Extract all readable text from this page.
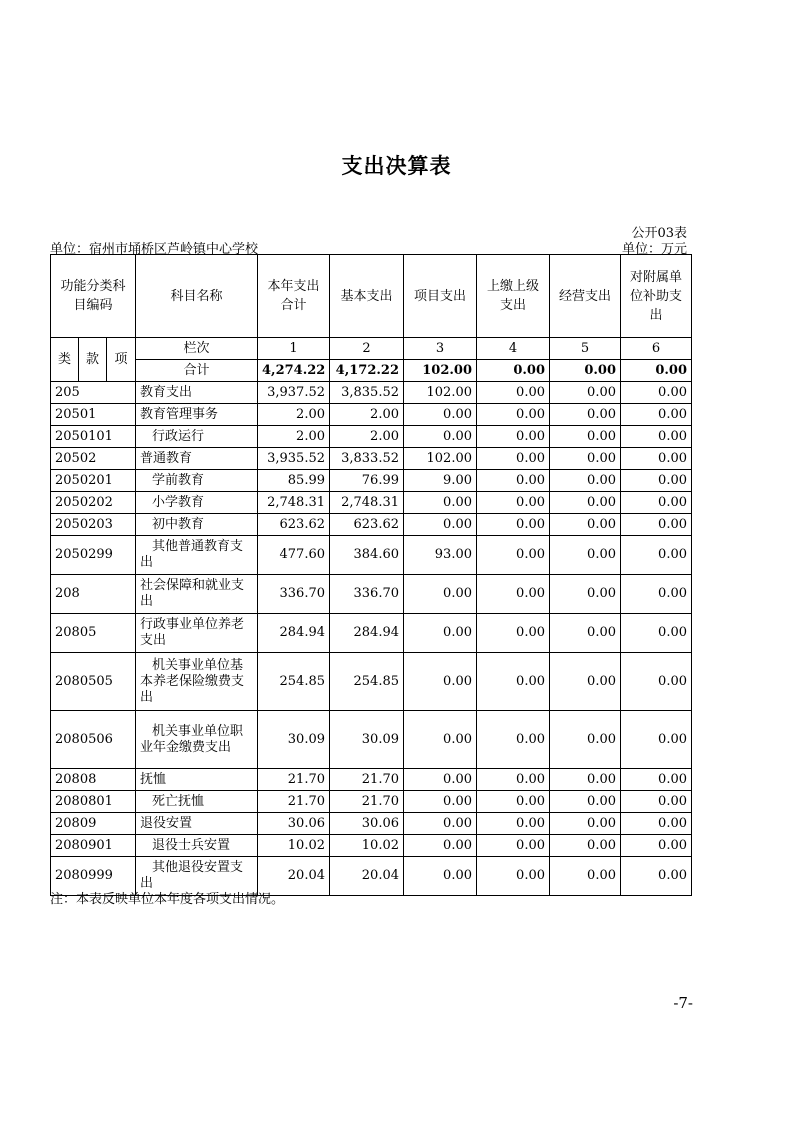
支出决算表
公开03表
单位：宿州市埇桥区芦岭镇中心学校	单位：万元
功能分类科目编码			科目名称	本年支出合计	基本支出	项目支出	上缴上级支出	经营支出	对附属单位补助支出
类	款	项	栏次	1	2	3	4	5	6
			合计	4,274.22	4,172.22	102.00	0.00	0.00	0.00
205			教育支出	3,937.52	3,835.52	102.00	0.00	0.00	0.00
20501			教育管理事务	2.00	2.00	0.00	0.00	0.00	0.00
2050101			行政运行	2.00	2.00	0.00	0.00	0.00	0.00
20502			普通教育	3,935.52	3,833.52	102.00	0.00	0.00	0.00
2050201			学前教育	85.99	76.99	9.00	0.00	0.00	0.00
2050202			小学教育	2,748.31	2,748.31	0.00	0.00	0.00	0.00
2050203			初中教育	623.62	623.62	0.00	0.00	0.00	0.00
2050299			其他普通教育支出	477.60	384.60	93.00	0.00	0.00	0.00
208			社会保障和就业支出	336.70	336.70	0.00	0.00	0.00	0.00
20805			行政事业单位养老支出	284.94	284.94	0.00	0.00	0.00	0.00
2080505			机关事业单位基本养老保险缴费支出	254.85	254.85	0.00	0.00	0.00	0.00
2080506			机关事业单位职业年金缴费支出	30.09	30.09	0.00	0.00	0.00	0.00
20808			抚恤	21.70	21.70	0.00	0.00	0.00	0.00
2080801			死亡抚恤	21.70	21.70	0.00	0.00	0.00	0.00
20809			退役安置	30.06	30.06	0.00	0.00	0.00	0.00
2080901			退役士兵安置	10.02	10.02	0.00	0.00	0.00	0.00
2080999			其他退役安置支出	20.04	20.04	0.00	0.00	0.00	0.00
注：本表反映单位本年度各项支出情况。
-7-
